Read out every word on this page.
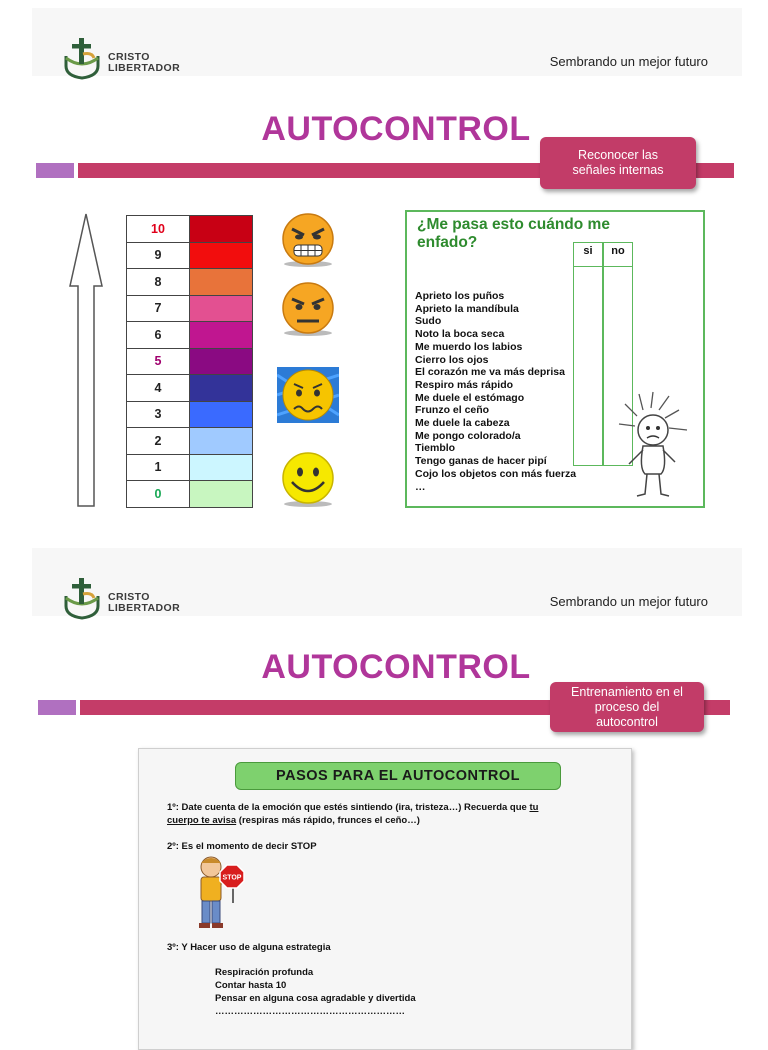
CRISTO
LIBERTADOR	Sembrando un mejor futuro
AUTOCONTROL
Reconocer las señales internas
10	
9	
8	
7	
6	
5	
4	
3	
2	
1	
0	
¿Me pasa esto cuándo me enfado?	si	no
Aprieto los puños
Aprieto la mandíbula
Sudo
Noto la boca seca
Me muerdo los labios
Cierro los ojos
El corazón me va más deprisa
Respiro más rápido
Me duele el estómago
Frunzo el ceño
Me duele la cabeza
Me pongo colorado/a
Tiemblo
Tengo ganas de hacer pipí
Cojo los objetos con más fuerza
…
CRISTO
LIBERTADOR	Sembrando un mejor futuro
AUTOCONTROL
Entrenamiento en el proceso del autocontrol
PASOS PARA EL AUTOCONTROL
1º: Date cuenta de la emoción que estés sintiendo (ira, tristeza…) Recuerda que tu
cuerpo te avisa (respiras más rápido, frunces el ceño…)
2º: Es el momento de decir STOP
STOP
3º: Y Hacer uso de alguna estrategia
Respiración profunda
Contar hasta 10
Pensar en alguna cosa agradable y divertida
……………………………………………………
